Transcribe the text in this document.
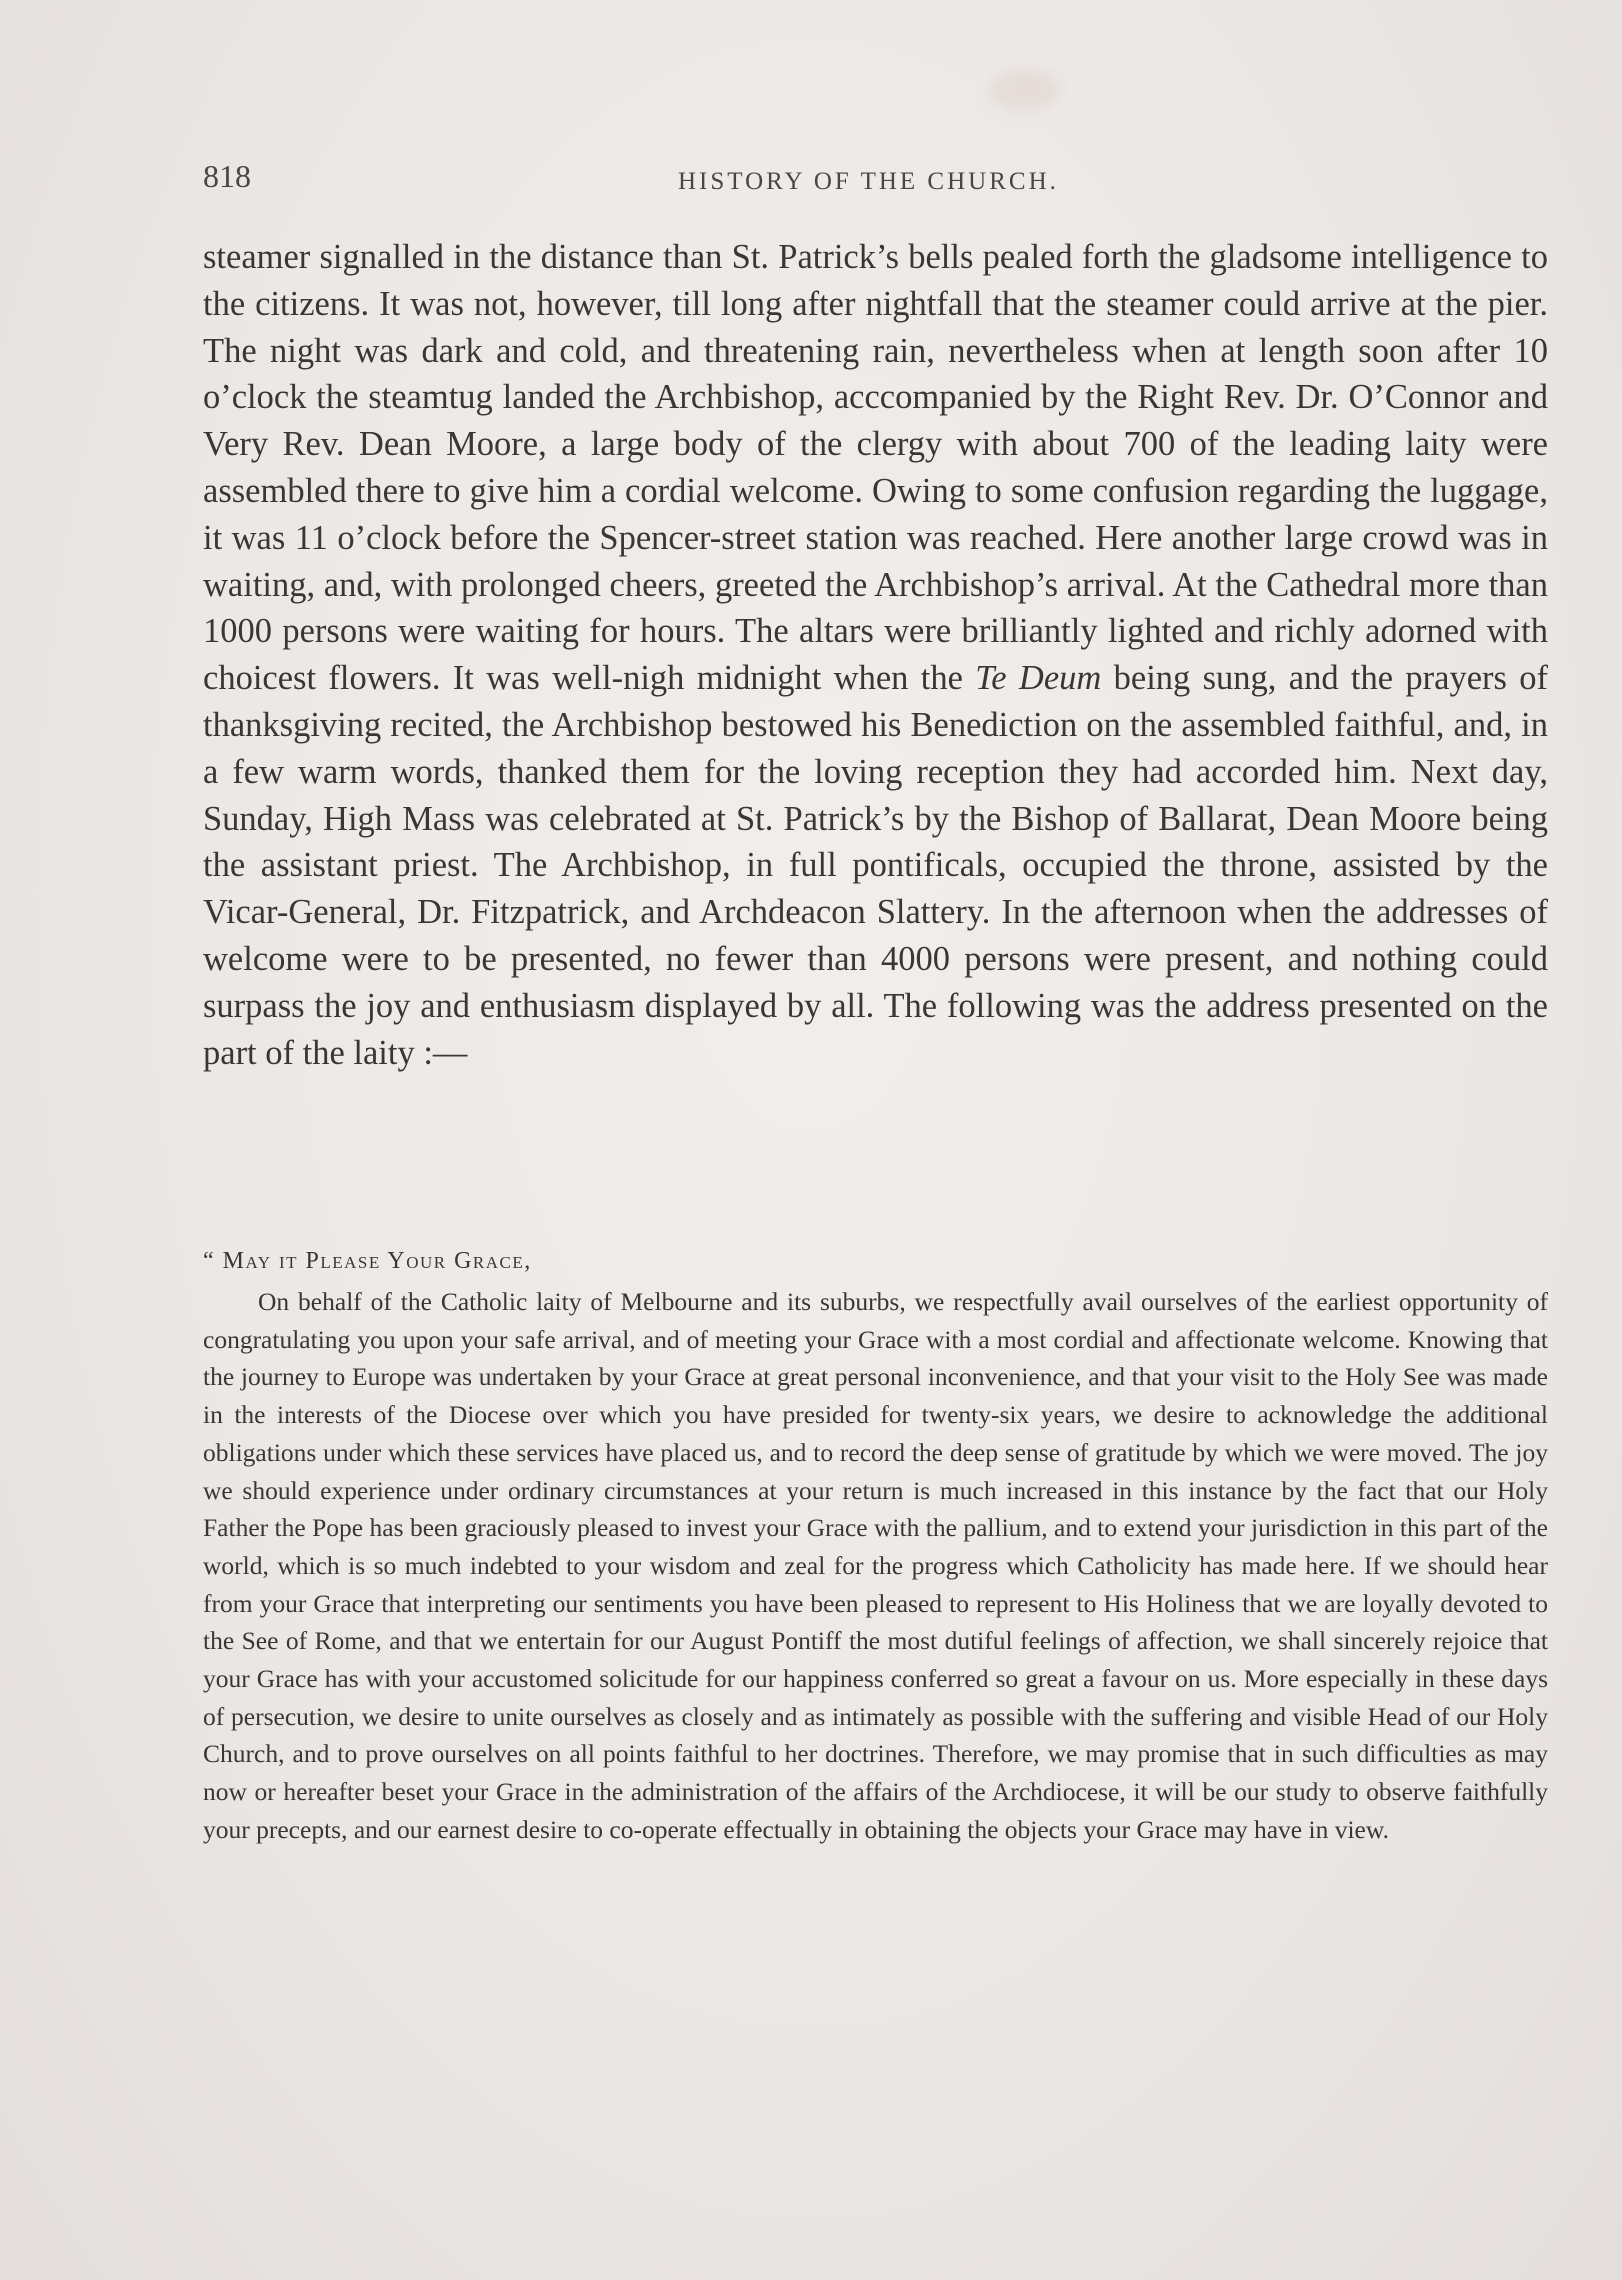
818	HISTORY OF THE CHURCH.

steamer signalled in the distance than St. Patrick’s bells pealed forth the gladsome intelligence to the citizens. It was not, however, till long after nightfall that the steamer could arrive at the pier. The night was dark and cold, and threatening rain, nevertheless when at length soon after 10 o’clock the steamtug landed the Archbishop, acccompanied by the Right Rev. Dr. O’Connor and Very Rev. Dean Moore, a large body of the clergy with about 700 of the leading laity were assembled there to give him a cordial welcome. Owing to some confusion regarding the luggage, it was 11 o’clock before the Spencer-street station was reached. Here another large crowd was in waiting, and, with prolonged cheers, greeted the Archbishop’s arrival. At the Cathedral more than 1000 persons were waiting for hours. The altars were brilliantly lighted and richly adorned with choicest flowers. It was well-nigh midnight when the Te Deum being sung, and the prayers of thanksgiving recited, the Archbishop bestowed his Benediction on the assembled faithful, and, in a few warm words, thanked them for the loving reception they had accorded him. Next day, Sunday, High Mass was celebrated at St. Patrick’s by the Bishop of Ballarat, Dean Moore being the assistant priest. The Archbishop, in full pontificals, occupied the throne, assisted by the Vicar-General, Dr. Fitzpatrick, and Archdeacon Slattery. In the afternoon when the addresses of welcome were to be presented, no fewer than 4000 persons were present, and nothing could surpass the joy and enthusiasm displayed by all. The following was the address presented on the part of the laity :—

“ May it Please Your Grace,

On behalf of the Catholic laity of Melbourne and its suburbs, we respectfully avail ourselves of the earliest opportunity of congratulating you upon your safe arrival, and of meeting your Grace with a most cordial and affectionate welcome. Knowing that the journey to Europe was undertaken by your Grace at great personal inconvenience, and that your visit to the Holy See was made in the interests of the Diocese over which you have presided for twenty-six years, we desire to acknowledge the additional obligations under which these services have placed us, and to record the deep sense of gratitude by which we were moved. The joy we should experience under ordinary circumstances at your return is much increased in this instance by the fact that our Holy Father the Pope has been graciously pleased to invest your Grace with the pallium, and to extend your jurisdiction in this part of the world, which is so much indebted to your wisdom and zeal for the progress which Catholicity has made here. If we should hear from your Grace that interpreting our sentiments you have been pleased to represent to His Holiness that we are loyally devoted to the See of Rome, and that we entertain for our August Pontiff the most dutiful feelings of affection, we shall sincerely rejoice that your Grace has with your accustomed solicitude for our happiness conferred so great a favour on us. More especially in these days of persecution, we desire to unite ourselves as closely and as intimately as possible with the suffering and visible Head of our Holy Church, and to prove ourselves on all points faithful to her doctrines. Therefore, we may promise that in such difficulties as may now or hereafter beset your Grace in the administration of the affairs of the Archdiocese, it will be our study to observe faithfully your precepts, and our earnest desire to co-operate effectually in obtaining the objects your Grace may have in view.
